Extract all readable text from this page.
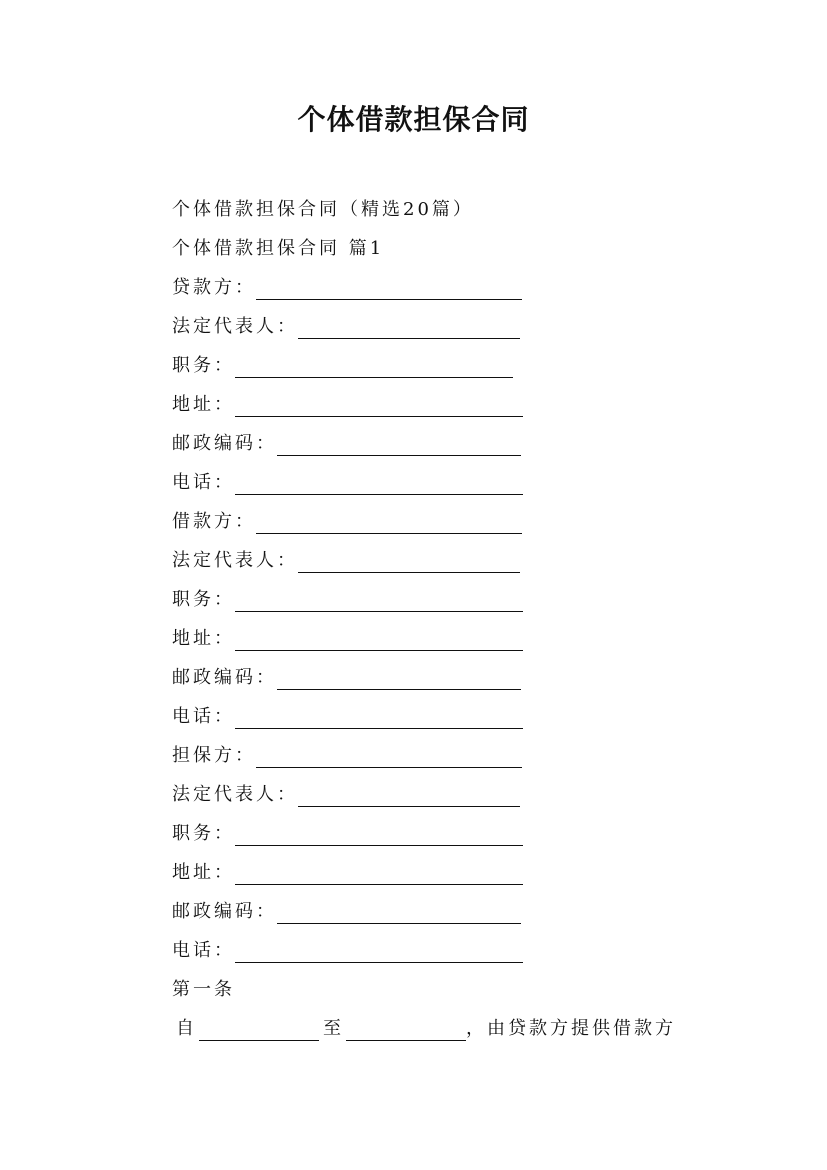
个体借款担保合同
个体借款担保合同（精选20篇）
个体借款担保合同 篇1
贷款方：
法定代表人：
职务：
地址：
邮政编码：
电话：
借款方：
法定代表人：
职务：
地址：
邮政编码：
电话：
担保方：
法定代表人：
职务：
地址：
邮政编码：
电话：
第一条
自	至	，由贷款方提供借款方
